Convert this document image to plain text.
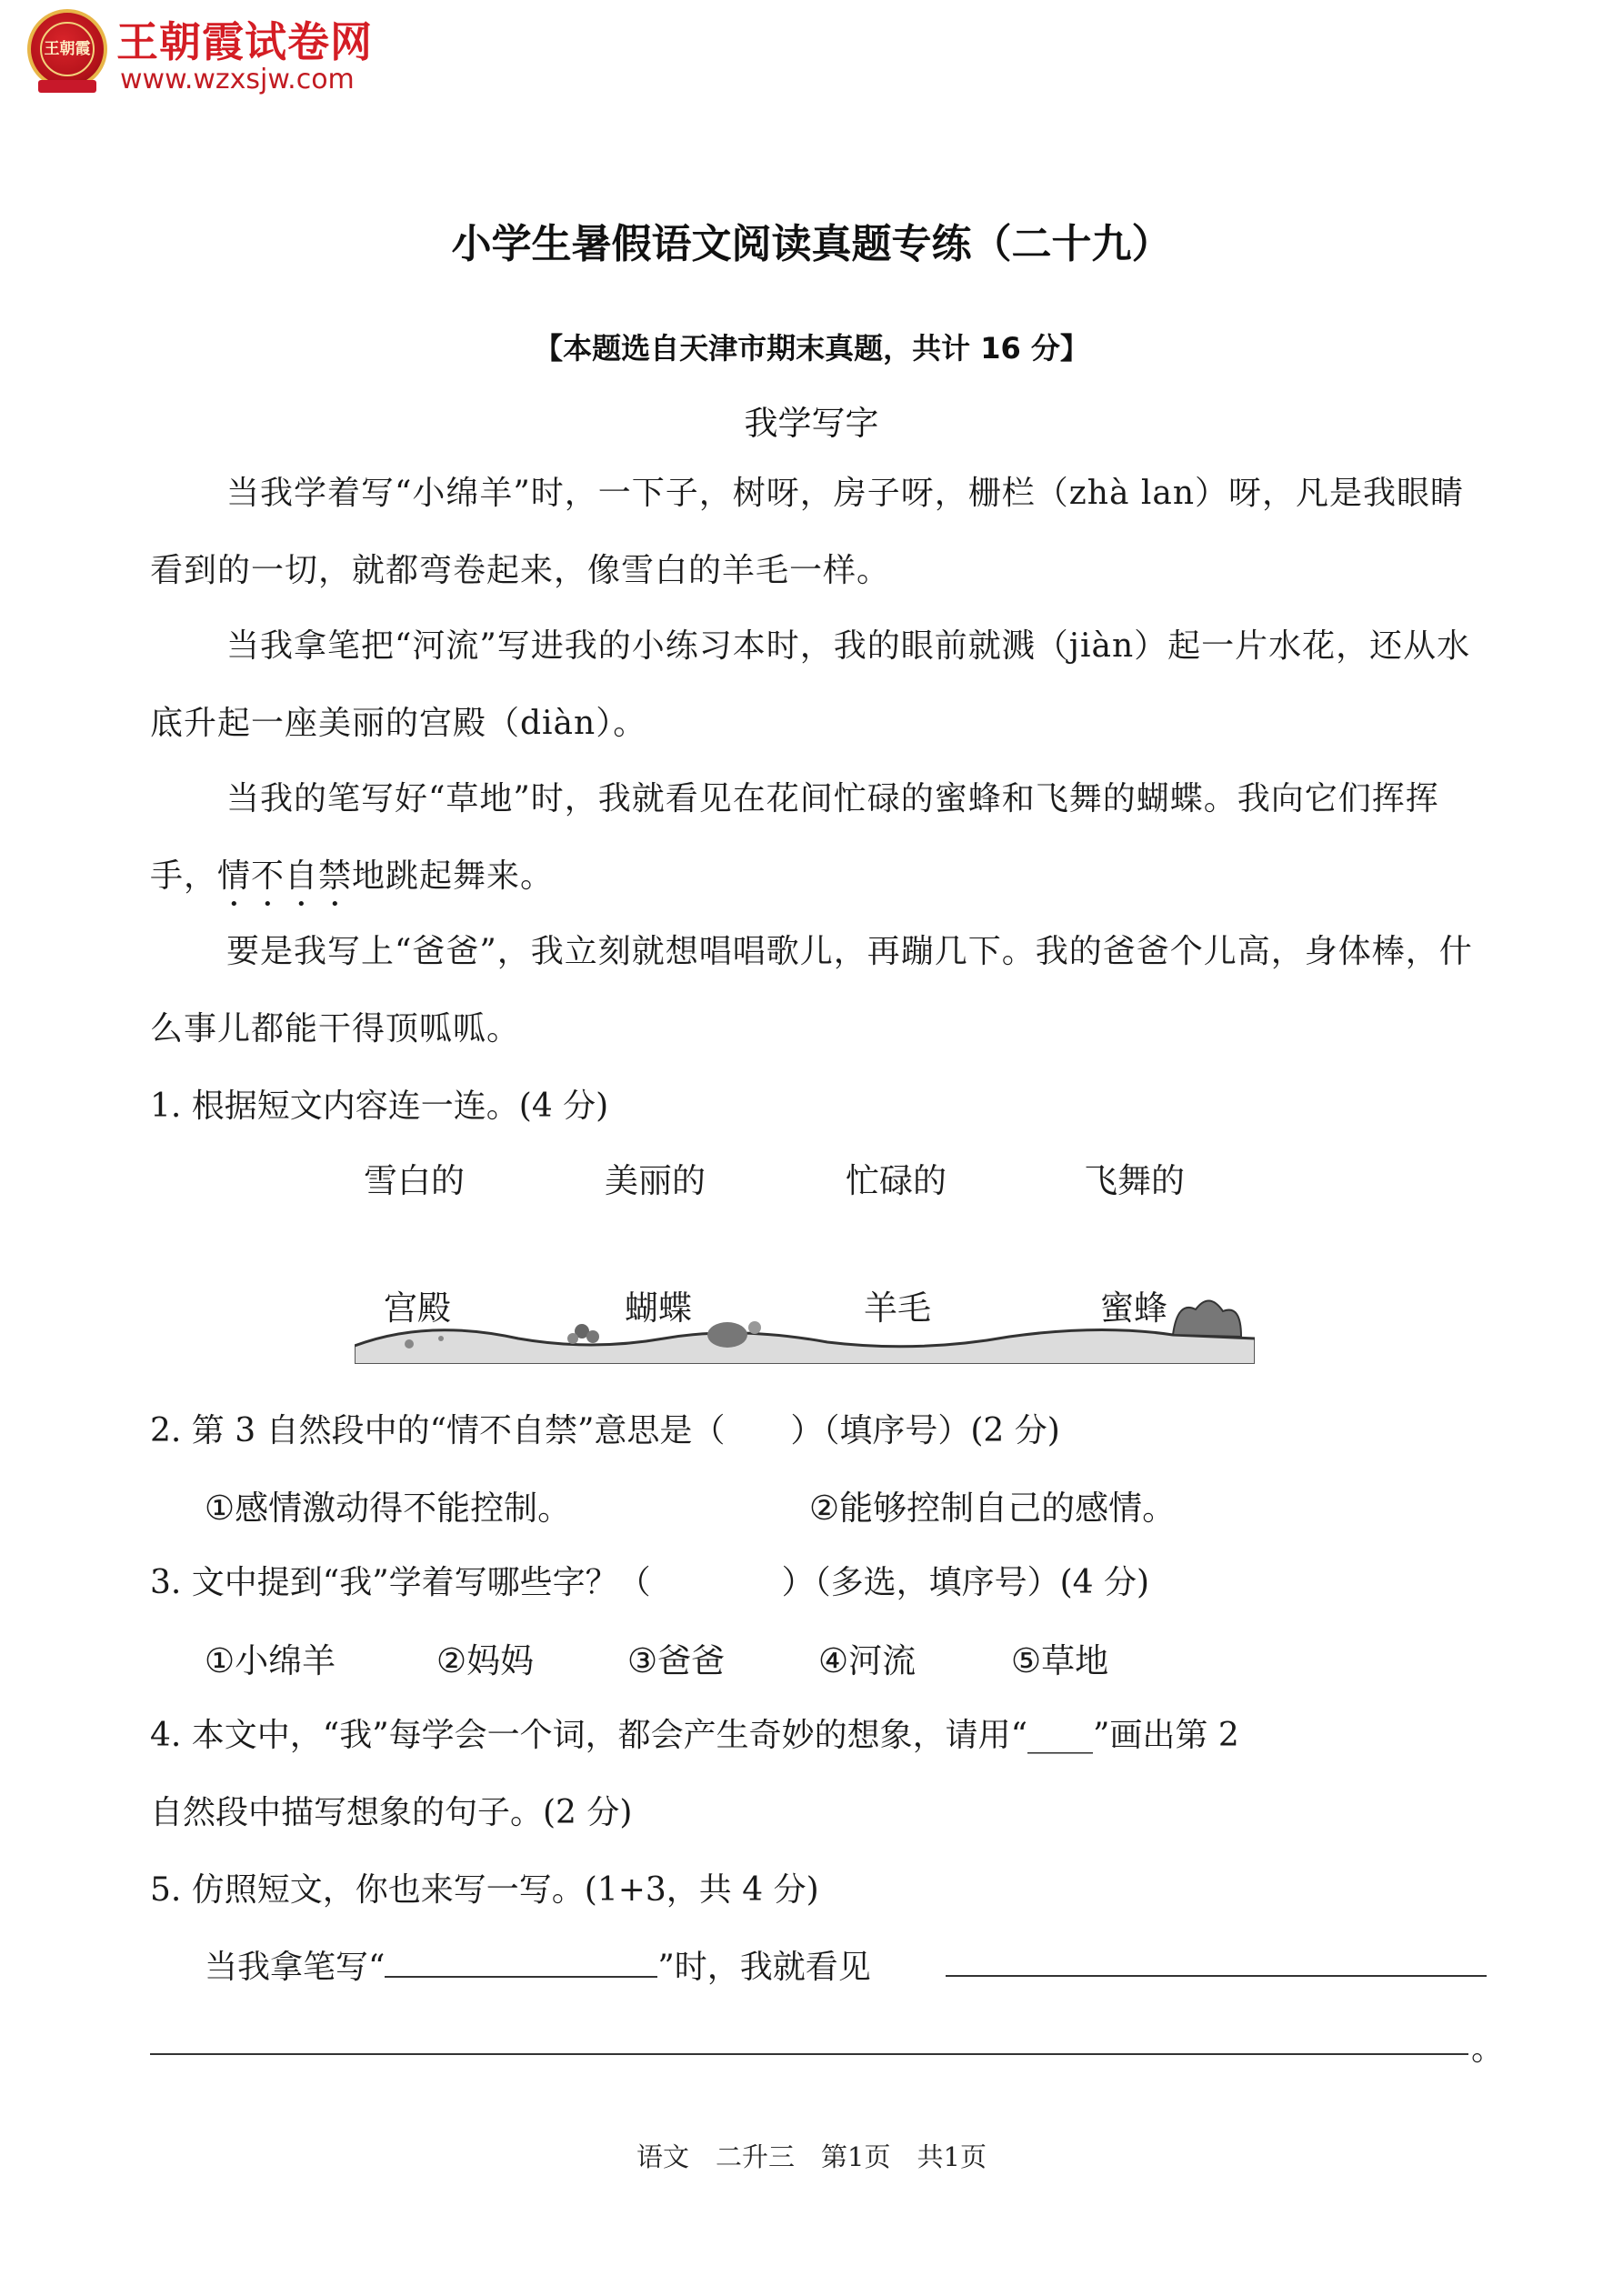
王朝霞 王朝霞试卷网
www.wzxsjw.com
小学生暑假语文阅读真题专练（二十九）
【本题选自天津市期末真题，共计 16 分】
我学写字
当我学着写“小绵羊”时，一下子，树呀，房子呀，栅栏（zhà lan）呀，凡是我眼睛看到的一切，就都弯卷起来，像雪白的羊毛一样。
当我拿笔把“河流”写进我的小练习本时，我的眼前就溅（jiàn）起一片水花，还从水底升起一座美丽的宫殿（diàn）。
当我的笔写好“草地”时，我就看见在花间忙碌的蜜蜂和飞舞的蝴蝶。我向它们挥挥手，情不自禁地跳起舞来。
要是我写上“爸爸”，我立刻就想唱唱歌儿，再蹦几下。我的爸爸个儿高，身体棒，什么事儿都能干得顶呱呱。
1. 根据短文内容连一连。(4 分)
雪白的	美丽的	忙碌的	飞舞的
宫殿	蝴蝶	羊毛	蜜蜂
2. 第 3 自然段中的“情不自禁”意思是（　　）（填序号）(2 分)
①感情激动得不能控制。	②能够控制自己的感情。
3. 文中提到“我”学着写哪些字？（　　　　）（多选，填序号）(4 分)
①小绵羊	②妈妈	③爸爸	④河流	⑤草地
4. 本文中，“我”每学会一个词，都会产生奇妙的想象，请用“____”画出第 2
自然段中描写想象的句子。(2 分)
5. 仿照短文，你也来写一写。(1+3，共 4 分)
当我拿笔写“	”时，我就看见
。
语文　二升三　第1页　共1页
